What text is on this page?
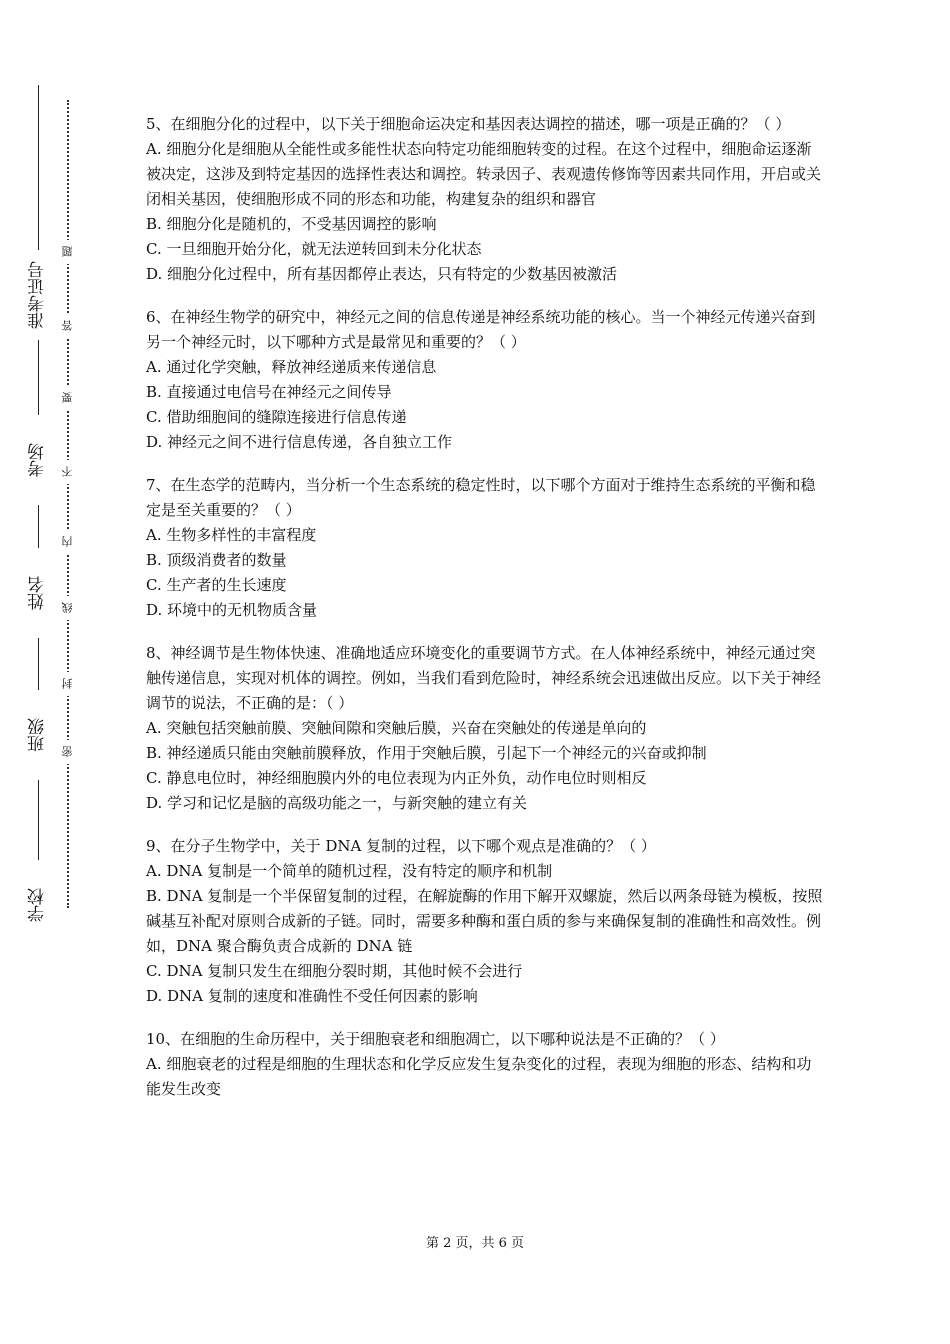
学校
班级
姓名
考场
准考证号
密
封
线
内
不
要
答
题

5、在细胞分化的过程中，以下关于细胞命运决定和基因表达调控的描述，哪一项是正确的？（ ）

A. 细胞分化是细胞从全能性或多能性状态向特定功能细胞转变的过程。在这个过程中，细胞命运逐渐被决定，这涉及到特定基因的选择性表达和调控。转录因子、表观遗传修饰等因素共同作用，开启或关闭相关基因，使细胞形成不同的形态和功能，构建复杂的组织和器官

B. 细胞分化是随机的，不受基因调控的影响

C. 一旦细胞开始分化，就无法逆转回到未分化状态

D. 细胞分化过程中，所有基因都停止表达，只有特定的少数基因被激活

6、在神经生物学的研究中，神经元之间的信息传递是神经系统功能的核心。当一个神经元传递兴奋到另一个神经元时，以下哪种方式是最常见和重要的？（ ）

A. 通过化学突触，释放神经递质来传递信息

B. 直接通过电信号在神经元之间传导

C. 借助细胞间的缝隙连接进行信息传递

D. 神经元之间不进行信息传递，各自独立工作

7、在生态学的范畴内，当分析一个生态系统的稳定性时，以下哪个方面对于维持生态系统的平衡和稳定是至关重要的？（ ）

A. 生物多样性的丰富程度

B. 顶级消费者的数量

C. 生产者的生长速度

D. 环境中的无机物质含量

8、神经调节是生物体快速、准确地适应环境变化的重要调节方式。在人体神经系统中，神经元通过突触传递信息，实现对机体的调控。例如，当我们看到危险时，神经系统会迅速做出反应。以下关于神经调节的说法，不正确的是：（ ）

A. 突触包括突触前膜、突触间隙和突触后膜，兴奋在突触处的传递是单向的

B. 神经递质只能由突触前膜释放，作用于突触后膜，引起下一个神经元的兴奋或抑制

C. 静息电位时，神经细胞膜内外的电位表现为内正外负，动作电位时则相反

D. 学习和记忆是脑的高级功能之一，与新突触的建立有关

9、在分子生物学中，关于 DNA 复制的过程，以下哪个观点是准确的？（ ）

A. DNA 复制是一个简单的随机过程，没有特定的顺序和机制

B. DNA 复制是一个半保留复制的过程，在解旋酶的作用下解开双螺旋，然后以两条母链为模板，按照碱基互补配对原则合成新的子链。同时，需要多种酶和蛋白质的参与来确保复制的准确性和高效性。例如，DNA 聚合酶负责合成新的 DNA 链

C. DNA 复制只发生在细胞分裂时期，其他时候不会进行

D. DNA 复制的速度和准确性不受任何因素的影响

10、在细胞的生命历程中，关于细胞衰老和细胞凋亡，以下哪种说法是不正确的？（ ）

A. 细胞衰老的过程是细胞的生理状态和化学反应发生复杂变化的过程，表现为细胞的形态、结构和功能发生改变

第 2 页，共 6 页
